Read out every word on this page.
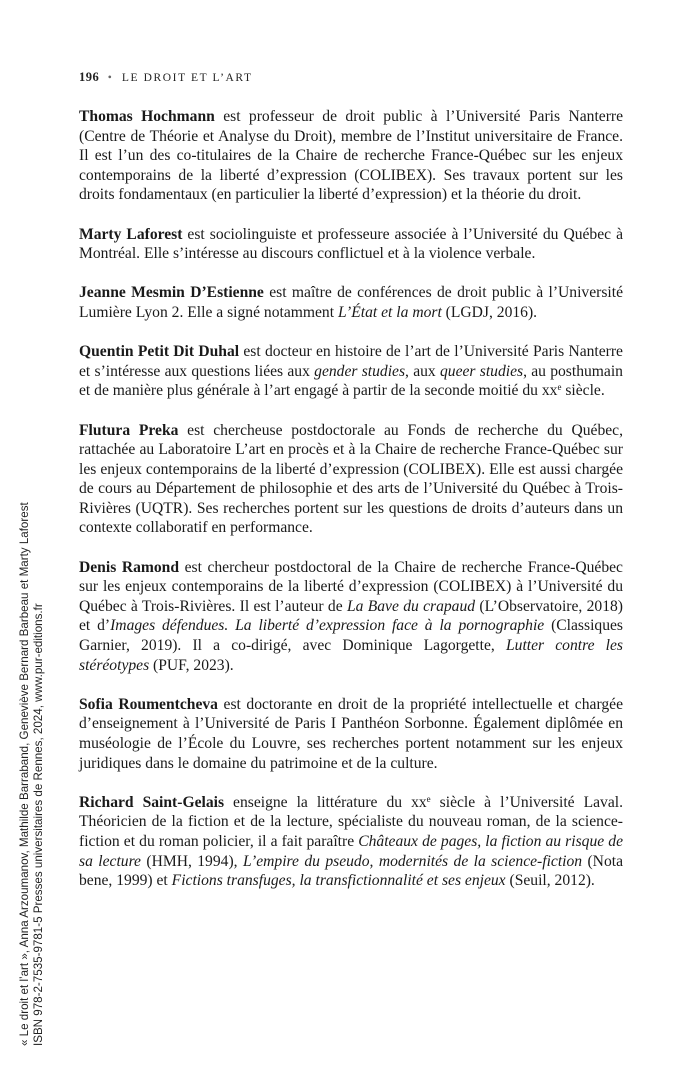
196 • LE DROIT ET L’ART

Thomas Hochmann est professeur de droit public à l’Université Paris Nanterre (Centre de Théorie et Analyse du Droit), membre de l’Institut universitaire de France. Il est l’un des co-titulaires de la Chaire de recherche France-Québec sur les enjeux contemporains de la liberté d’expression (COLIBEX). Ses travaux portent sur les droits fondamentaux (en particulier la liberté d’expression) et la théorie du droit.

Marty Laforest est sociolinguiste et professeure associée à l’Université du Québec à Montréal. Elle s’intéresse au discours conflictuel et à la violence verbale.

Jeanne Mesmin D’Estienne est maître de conférences de droit public à l’Université Lumière Lyon 2. Elle a signé notamment L’État et la mort (LGDJ, 2016).

Quentin Petit Dit Duhal est docteur en histoire de l’art de l’Université Paris Nanterre et s’intéresse aux questions liées aux gender studies, aux queer studies, au posthumain et de manière plus générale à l’art engagé à partir de la seconde moitié du $xx^e$ siècle.

Flutura Preka est chercheuse postdoctorale au Fonds de recherche du Québec, rattachée au Laboratoire L’art en procès et à la Chaire de recherche France-Québec sur les enjeux contemporains de la liberté d’expression (COLIBEX). Elle est aussi chargée de cours au Département de philosophie et des arts de l’Université du Québec à Trois-Rivières (UQTR). Ses recherches portent sur les questions de droits d’auteurs dans un contexte collaboratif en performance.

Denis Ramond est chercheur postdoctoral de la Chaire de recherche France-Québec sur les enjeux contemporains de la liberté d’expression (COLIBEX) à l’Université du Québec à Trois-Rivières. Il est l’auteur de La Bave du crapaud (L’Observatoire, 2018) et d’Images défendues. La liberté d’expression face à la pornographie (Classiques Garnier, 2019). Il a co-dirigé, avec Dominique Lagorgette, Lutter contre les stéréotypes (PUF, 2023).

Sofia Roumentcheva est doctorante en droit de la propriété intellectuelle et chargée d’enseignement à l’Université de Paris I Panthéon Sorbonne. Également diplômée en muséologie de l’École du Louvre, ses recherches portent notamment sur les enjeux juridiques dans le domaine du patrimoine et de la culture.

Richard Saint-Gelais enseigne la littérature du $xx^e$ siècle à l’Université Laval. Théoricien de la fiction et de la lecture, spécialiste du nouveau roman, de la science-fiction et du roman policier, il a fait paraître Châteaux de pages, la fiction au risque de sa lecture (HMH, 1994), L’empire du pseudo, modernités de la science-fiction (Nota bene, 1999) et Fictions transfuges, la transfictionnalité et ses enjeux (Seuil, 2012).

« Le droit et l’art », Anna Arzoumanov, Mathilde Barraband, Geneviève Bernard Barbeau et Marty Laforest ISBN 978-2-7535-9781-5 Presses universitaires de Rennes, 2024, www.pur-editions.fr
